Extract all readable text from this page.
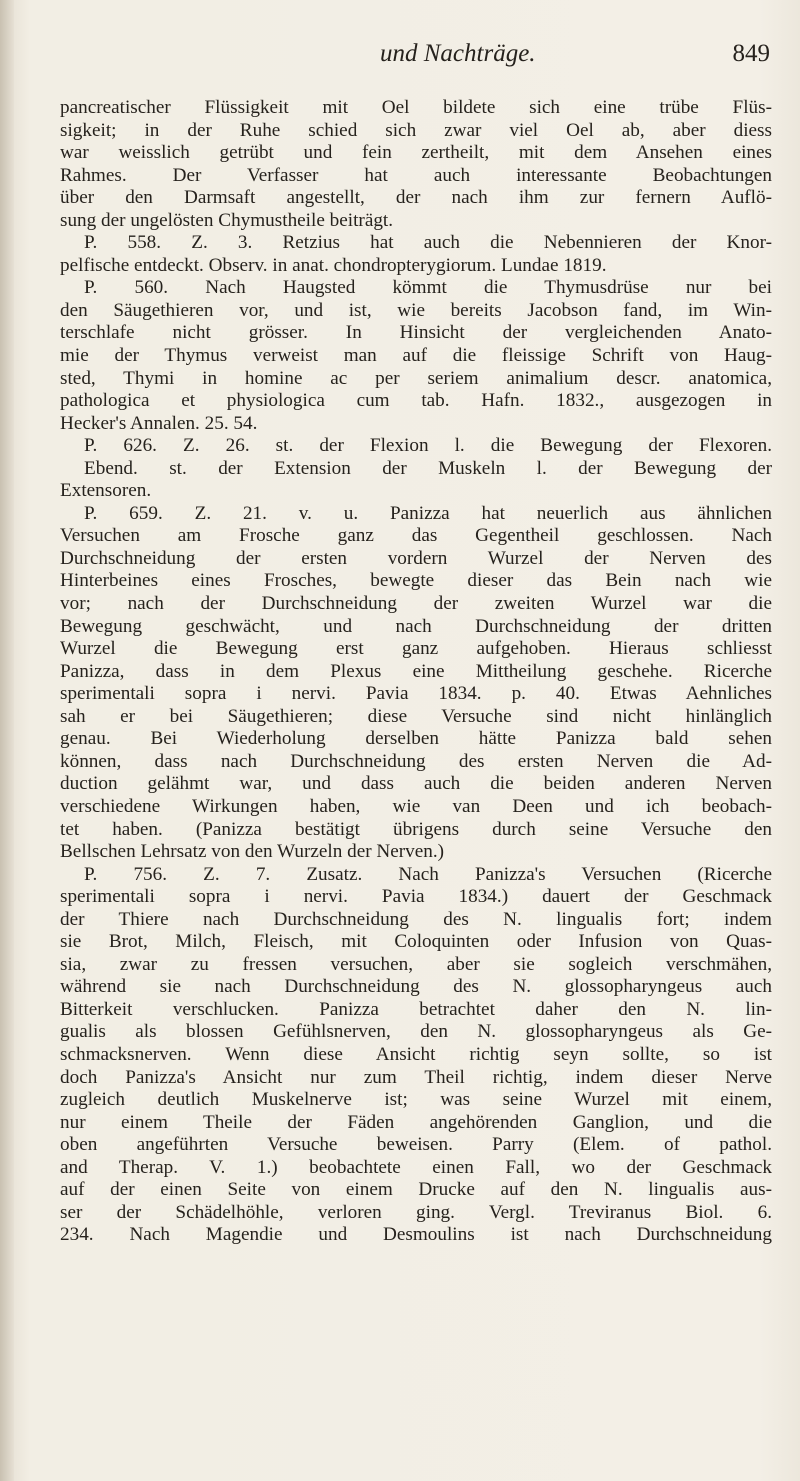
und Nachträge.	849
pancreatischer Flüssigkeit mit Oel bildete sich eine trübe Flüs-
sigkeit; in der Ruhe schied sich zwar viel Oel ab, aber diess
war weisslich getrübt und fein zertheilt, mit dem Ansehen eines
Rahmes. Der Verfasser hat auch interessante Beobachtungen
über den Darmsaft angestellt, der nach ihm zur fernern Auflö-
sung der ungelösten Chymustheile beiträgt.
P. 558. Z. 3. Retzius hat auch die Nebennieren der Knor-
pelfische entdeckt. Observ. in anat. chondropterygiorum. Lundae 1819.
P. 560. Nach Haugsted kömmt die Thymusdrüse nur bei
den Säugethieren vor, und ist, wie bereits Jacobson fand, im Win-
terschlafe nicht grösser. In Hinsicht der vergleichenden Anato-
mie der Thymus verweist man auf die fleissige Schrift von Haug-
sted, Thymi in homine ac per seriem animalium descr. anatomica,
pathologica et physiologica cum tab. Hafn. 1832., ausgezogen in
Hecker's Annalen. 25. 54.
P. 626. Z. 26. st. der Flexion l. die Bewegung der Flexoren.
Ebend. st. der Extension der Muskeln l. der Bewegung der
Extensoren.
P. 659. Z. 21. v. u. Panizza hat neuerlich aus ähnlichen
Versuchen am Frosche ganz das Gegentheil geschlossen. Nach
Durchschneidung der ersten vordern Wurzel der Nerven des
Hinterbeines eines Frosches, bewegte dieser das Bein nach wie
vor; nach der Durchschneidung der zweiten Wurzel war die
Bewegung geschwächt, und nach Durchschneidung der dritten
Wurzel die Bewegung erst ganz aufgehoben. Hieraus schliesst
Panizza, dass in dem Plexus eine Mittheilung geschehe. Ricerche
sperimentali sopra i nervi. Pavia 1834. p. 40. Etwas Aehnliches
sah er bei Säugethieren; diese Versuche sind nicht hinlänglich
genau. Bei Wiederholung derselben hätte Panizza bald sehen
können, dass nach Durchschneidung des ersten Nerven die Ad-
duction gelähmt war, und dass auch die beiden anderen Nerven
verschiedene Wirkungen haben, wie van Deen und ich beobach-
tet haben. (Panizza bestätigt übrigens durch seine Versuche den
Bellschen Lehrsatz von den Wurzeln der Nerven.)
P. 756. Z. 7. Zusatz. Nach Panizza's Versuchen (Ricerche
sperimentali sopra i nervi. Pavia 1834.) dauert der Geschmack
der Thiere nach Durchschneidung des N. lingualis fort; indem
sie Brot, Milch, Fleisch, mit Coloquinten oder Infusion von Quas-
sia, zwar zu fressen versuchen, aber sie sogleich verschmähen,
während sie nach Durchschneidung des N. glossopharyngeus auch
Bitterkeit verschlucken. Panizza betrachtet daher den N. lin-
gualis als blossen Gefühlsnerven, den N. glossopharyngeus als Ge-
schmacksnerven. Wenn diese Ansicht richtig seyn sollte, so ist
doch Panizza's Ansicht nur zum Theil richtig, indem dieser Nerve
zugleich deutlich Muskelnerve ist; was seine Wurzel mit einem,
nur einem Theile der Fäden angehörenden Ganglion, und die
oben angeführten Versuche beweisen. Parry (Elem. of pathol.
and Therap. V. 1.) beobachtete einen Fall, wo der Geschmack
auf der einen Seite von einem Drucke auf den N. lingualis aus-
ser der Schädelhöhle, verloren ging. Vergl. Treviranus Biol. 6.
234. Nach Magendie und Desmoulins ist nach Durchschneidung
